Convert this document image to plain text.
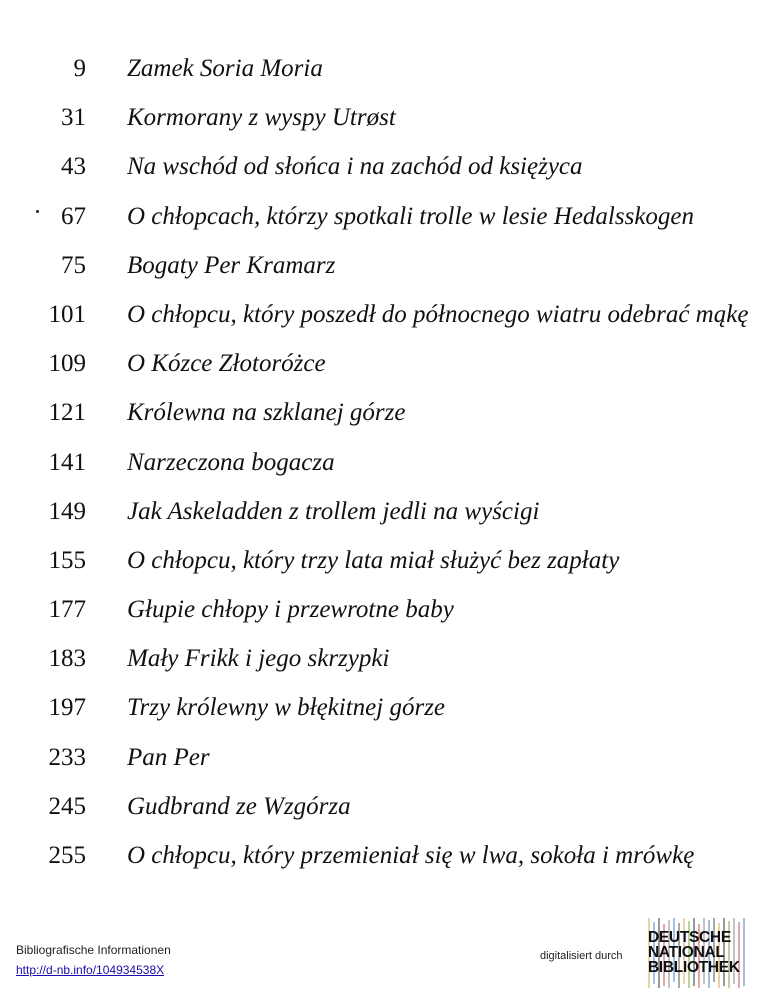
9 Zamek Soria Moria
31 Kormorany z wyspy Utrøst
43 Na wschód od słońca i na zachód od księżyca
67 O chłopcach, którzy spotkali trolle w lesie Hedalsskogen
75 Bogaty Per Kramarz
101 O chłopcu, który poszedł do północnego wiatru odebrać mąkę
109 O Kózce Złotoróżce
121 Królewna na szklanej górze
141 Narzeczona bogacza
149 Jak Askeladden z trollem jedli na wyścigi
155 O chłopcu, który trzy lata miał służyć bez zapłaty
177 Głupie chłopy i przewrotne baby
183 Mały Frikk i jego skrzypki
197 Trzy królewny w błękitnej górze
233 Pan Per
245 Gudbrand ze Wzgórza
255 O chłopcu, który przemieniał się w lwa, sokoła i mrówkę
Bibliografische Informationen
http://d-nb.info/104934538X
digitalisiert durch
DEUTSCHE
NATIONAL
BIBLIOTHEK
